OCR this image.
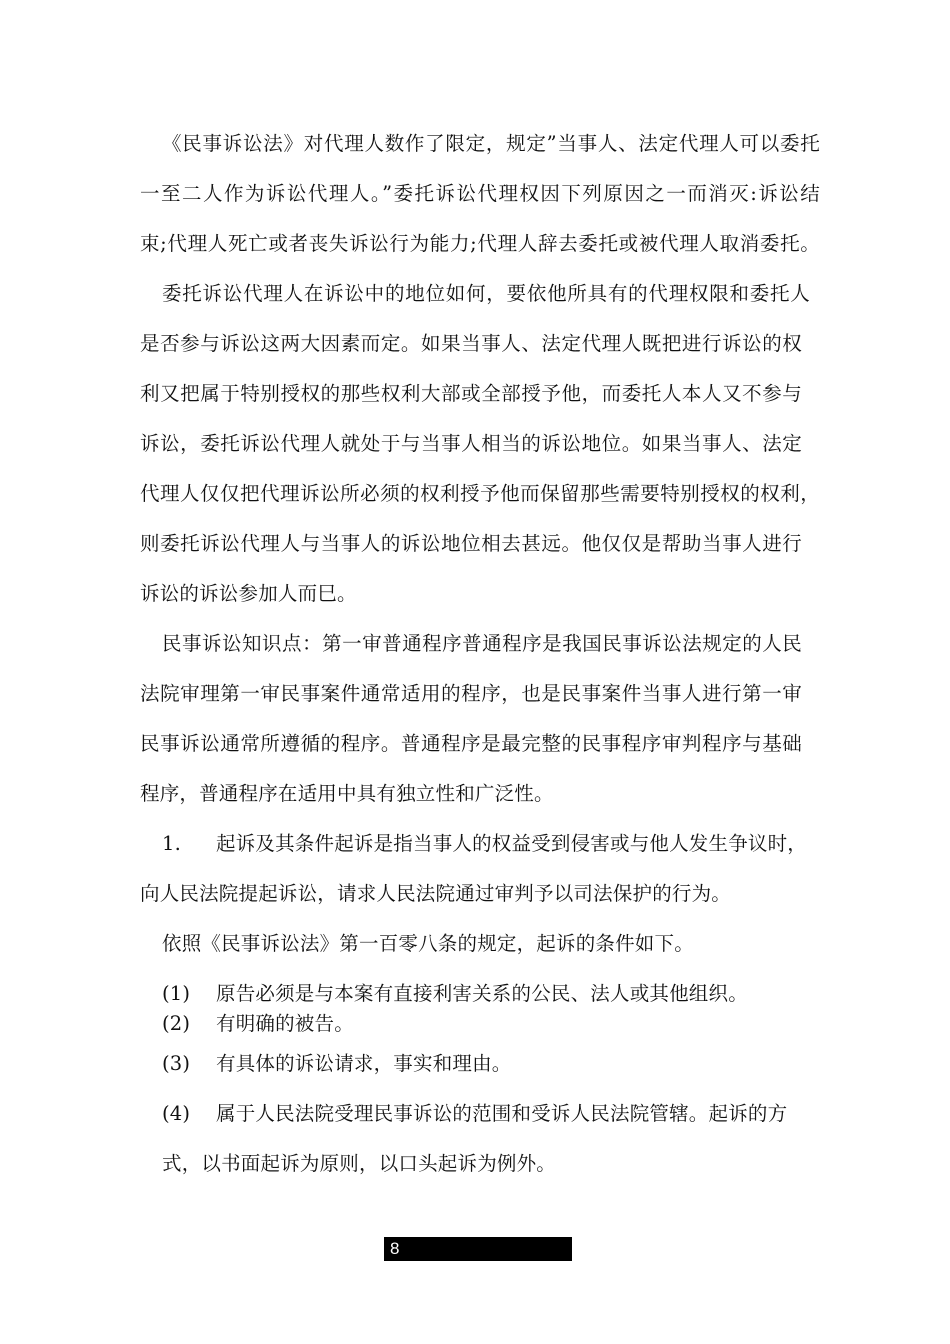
《民事诉讼法》对代理人数作了限定，规定”当事人、法定代理人可以委托
一至二人作为诉讼代理人。”委托诉讼代理权因下列原因之一而消灭:诉讼结
束;代理人死亡或者丧失诉讼行为能力;代理人辞去委托或被代理人取消委托。
委托诉讼代理人在诉讼中的地位如何，要依他所具有的代理权限和委托人
是否参与诉讼这两大因素而定。如果当事人、法定代理人既把进行诉讼的权
利又把属于特别授权的那些权利大部或全部授予他，而委托人本人又不参与
诉讼，委托诉讼代理人就处于与当事人相当的诉讼地位。如果当事人、法定
代理人仅仅把代理诉讼所必须的权利授予他而保留那些需要特别授权的权利，
则委托诉讼代理人与当事人的诉讼地位相去甚远。他仅仅是帮助当事人进行
诉讼的诉讼参加人而巳。
民事诉讼知识点：第一审普通程序普通程序是我国民事诉讼法规定的人民
法院审理第一审民事案件通常适用的程序，也是民事案件当事人进行第一审
民事诉讼通常所遵循的程序。普通程序是最完整的民事程序审判程序与基础
程序，普通程序在适用中具有独立性和广泛性。
1. 起诉及其条件起诉是指当事人的权益受到侵害或与他人发生争议时，
向人民法院提起诉讼，请求人民法院通过审判予以司法保护的行为。
依照《民事诉讼法》第一百零八条的规定，起诉的条件如下。
(1) 原告必须是与本案有直接利害关系的公民、法人或其他组织。
(2) 有明确的被告。
(3) 有具体的诉讼请求，事实和理由。
(4) 属于人民法院受理民事诉讼的范围和受诉人民法院管辖。起诉的方
式，以书面起诉为原则，以口头起诉为例外。
8
